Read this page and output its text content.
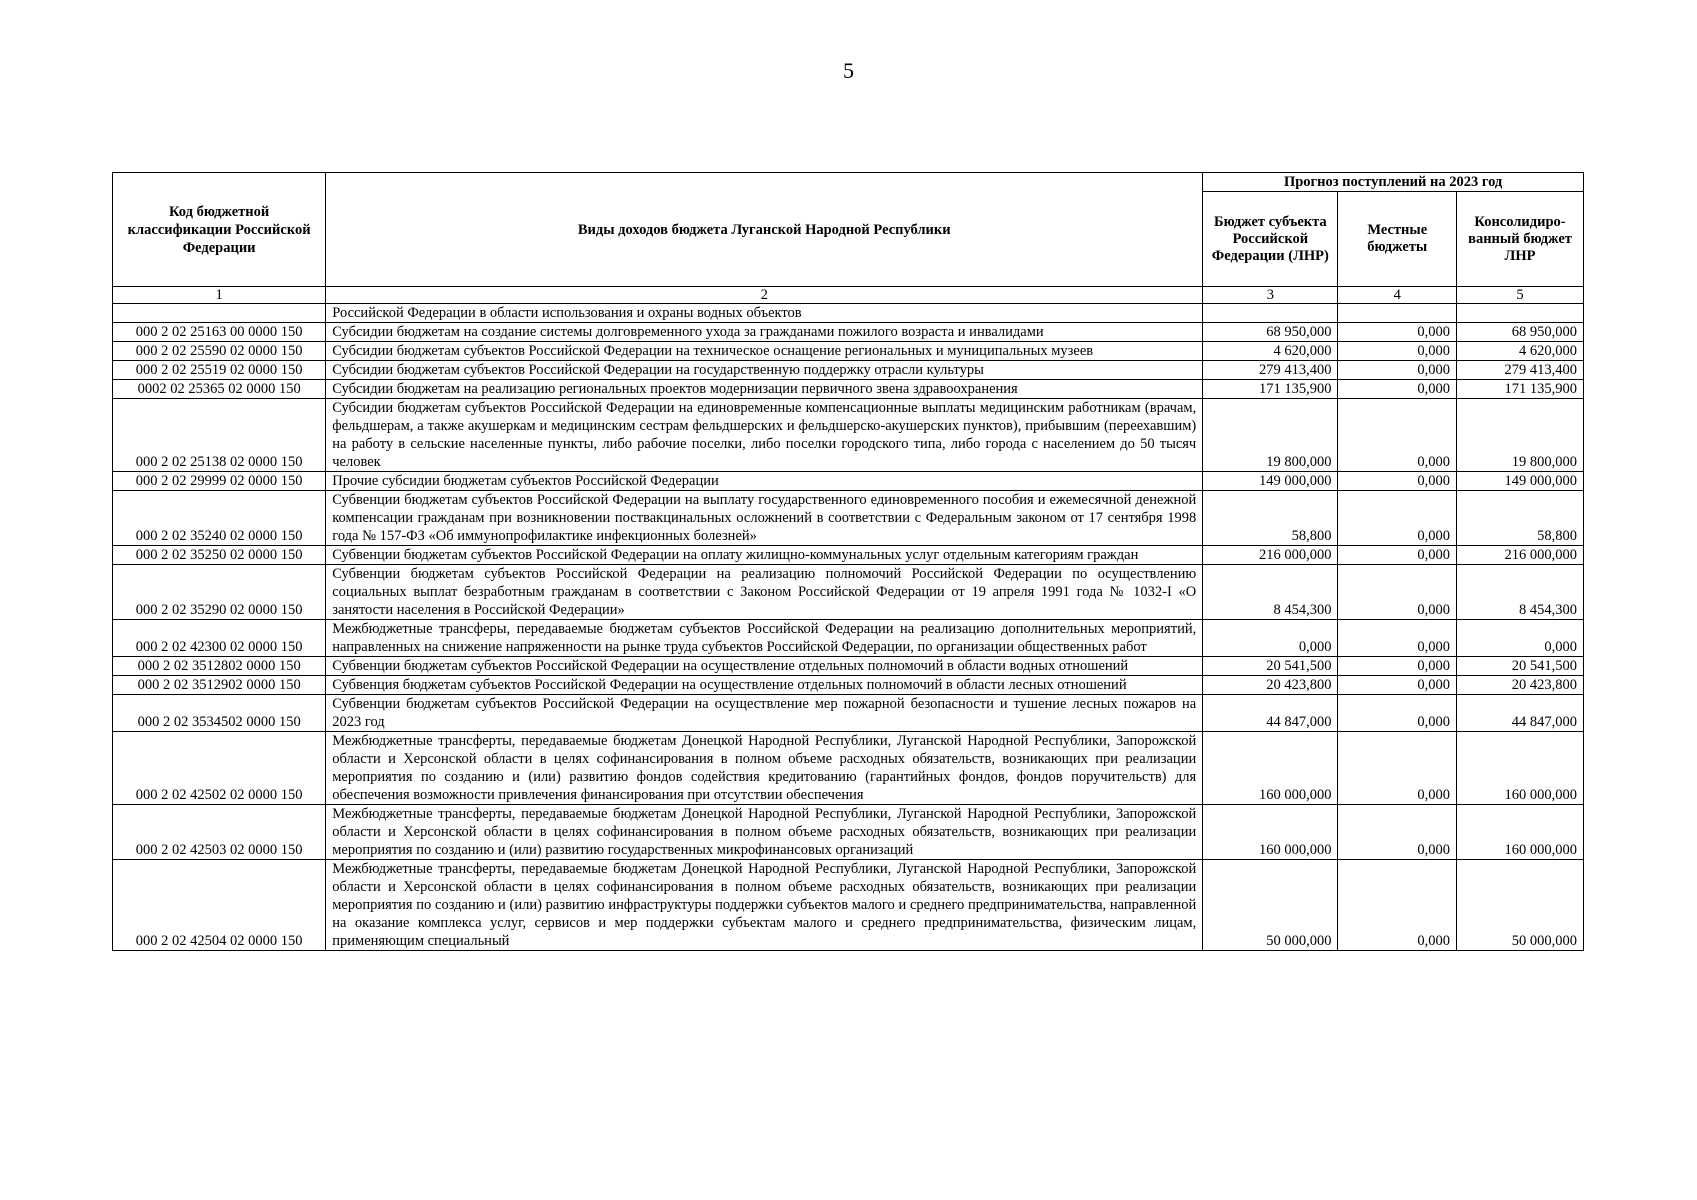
5
Код бюджетной классификации Российской Федерации	Виды доходов бюджета Луганской Народной Республики	Прогноз поступлений на 2023 год		
		Бюджет субъекта Российской Федерации (ЛНР)	Местные бюджеты	Консолидиро-ванный бюджет ЛНР
1	2	3	4	5
	Российской Федерации в области использования и охраны водных объектов			
000 2 02 25163 00 0000 150	Субсидии бюджетам на создание системы долговременного ухода за гражданами пожилого возраста и инвалидами	68 950,000	0,000	68 950,000
000 2 02 25590 02 0000 150	Субсидии бюджетам субъектов Российской Федерации на техническое оснащение региональных и муниципальных музеев	4 620,000	0,000	4 620,000
000 2 02 25519 02 0000 150	Субсидии бюджетам субъектов Российской Федерации на государственную поддержку отрасли культуры	279 413,400	0,000	279 413,400
0002 02 25365 02 0000 150	Субсидии бюджетам на реализацию региональных проектов модернизации первичного звена здравоохранения	171 135,900	0,000	171 135,900
000 2 02 25138 02 0000 150	Субсидии бюджетам субъектов Российской Федерации на единовременные компенсационные выплаты медицинским работникам (врачам, фельдшерам, а также акушеркам и медицинским сестрам фельдшерских и фельдшерско-акушерских пунктов), прибывшим (переехавшим) на работу в сельские населенные пункты, либо рабочие поселки, либо поселки городского типа, либо города с населением до 50 тысяч человек	19 800,000	0,000	19 800,000
000 2 02 29999 02 0000 150	Прочие субсидии бюджетам субъектов Российской Федерации	149 000,000	0,000	149 000,000
000 2 02 35240 02 0000 150	Субвенции бюджетам субъектов Российской Федерации на выплату государственного единовременного пособия и ежемесячной денежной компенсации гражданам при возникновении поствакцинальных осложнений в соответствии с Федеральным законом от 17 сентября 1998 года № 157-ФЗ «Об иммунопрофилактике инфекционных болезней»	58,800	0,000	58,800
000 2 02 35250 02 0000 150	Субвенции бюджетам субъектов Российской Федерации на оплату жилищно-коммунальных услуг отдельным категориям граждан	216 000,000	0,000	216 000,000
000 2 02 35290 02 0000 150	Субвенции бюджетам субъектов Российской Федерации на реализацию полномочий Российской Федерации по осуществлению социальных выплат безработным гражданам в соответствии с Законом Российской Федерации от 19 апреля 1991 года № 1032-I «О занятости населения в Российской Федерации»	8 454,300	0,000	8 454,300
000 2 02 42300 02 0000 150	Межбюджетные трансферы, передаваемые бюджетам субъектов Российской Федерации на реализацию дополнительных мероприятий, направленных на снижение напряженности на рынке труда субъектов Российской Федерации, по организации общественных работ	0,000	0,000	0,000
000 2 02 3512802 0000 150	Субвенции бюджетам субъектов Российской Федерации на осуществление отдельных полномочий в области водных отношений	20 541,500	0,000	20 541,500
000 2 02 3512902 0000 150	Субвенция бюджетам субъектов Российской Федерации на осуществление отдельных полномочий в области лесных отношений	20 423,800	0,000	20 423,800
000 2 02 3534502 0000 150	Субвенции бюджетам субъектов Российской Федерации на осуществление мер пожарной безопасности и тушение лесных пожаров на 2023 год	44 847,000	0,000	44 847,000
000 2 02 42502 02 0000 150	Межбюджетные трансферты, передаваемые бюджетам Донецкой Народной Республики, Луганской Народной Республики, Запорожской области и Херсонской области в целях софинансирования в полном объеме расходных обязательств, возникающих при реализации мероприятия по созданию и (или) развитию фондов содействия кредитованию (гарантийных фондов, фондов поручительств) для обеспечения возможности привлечения финансирования при отсутствии обеспечения	160 000,000	0,000	160 000,000
000 2 02 42503 02 0000 150	Межбюджетные трансферты, передаваемые бюджетам Донецкой Народной Республики, Луганской Народной Республики, Запорожской области и Херсонской области в целях софинансирования в полном объеме расходных обязательств, возникающих при реализации мероприятия по созданию и (или) развитию государственных микрофинансовых организаций	160 000,000	0,000	160 000,000
000 2 02 42504 02 0000 150	Межбюджетные трансферты, передаваемые бюджетам Донецкой Народной Республики, Луганской Народной Республики, Запорожской области и Херсонской области в целях софинансирования в полном объеме расходных обязательств, возникающих при реализации мероприятия по созданию и (или) развитию инфраструктуры поддержки субъектов малого и среднего предпринимательства, направленной на оказание комплекса услуг, сервисов и мер поддержки субъектам малого и среднего предпринимательства, физическим лицам, применяющим специальный	50 000,000	0,000	50 000,000
